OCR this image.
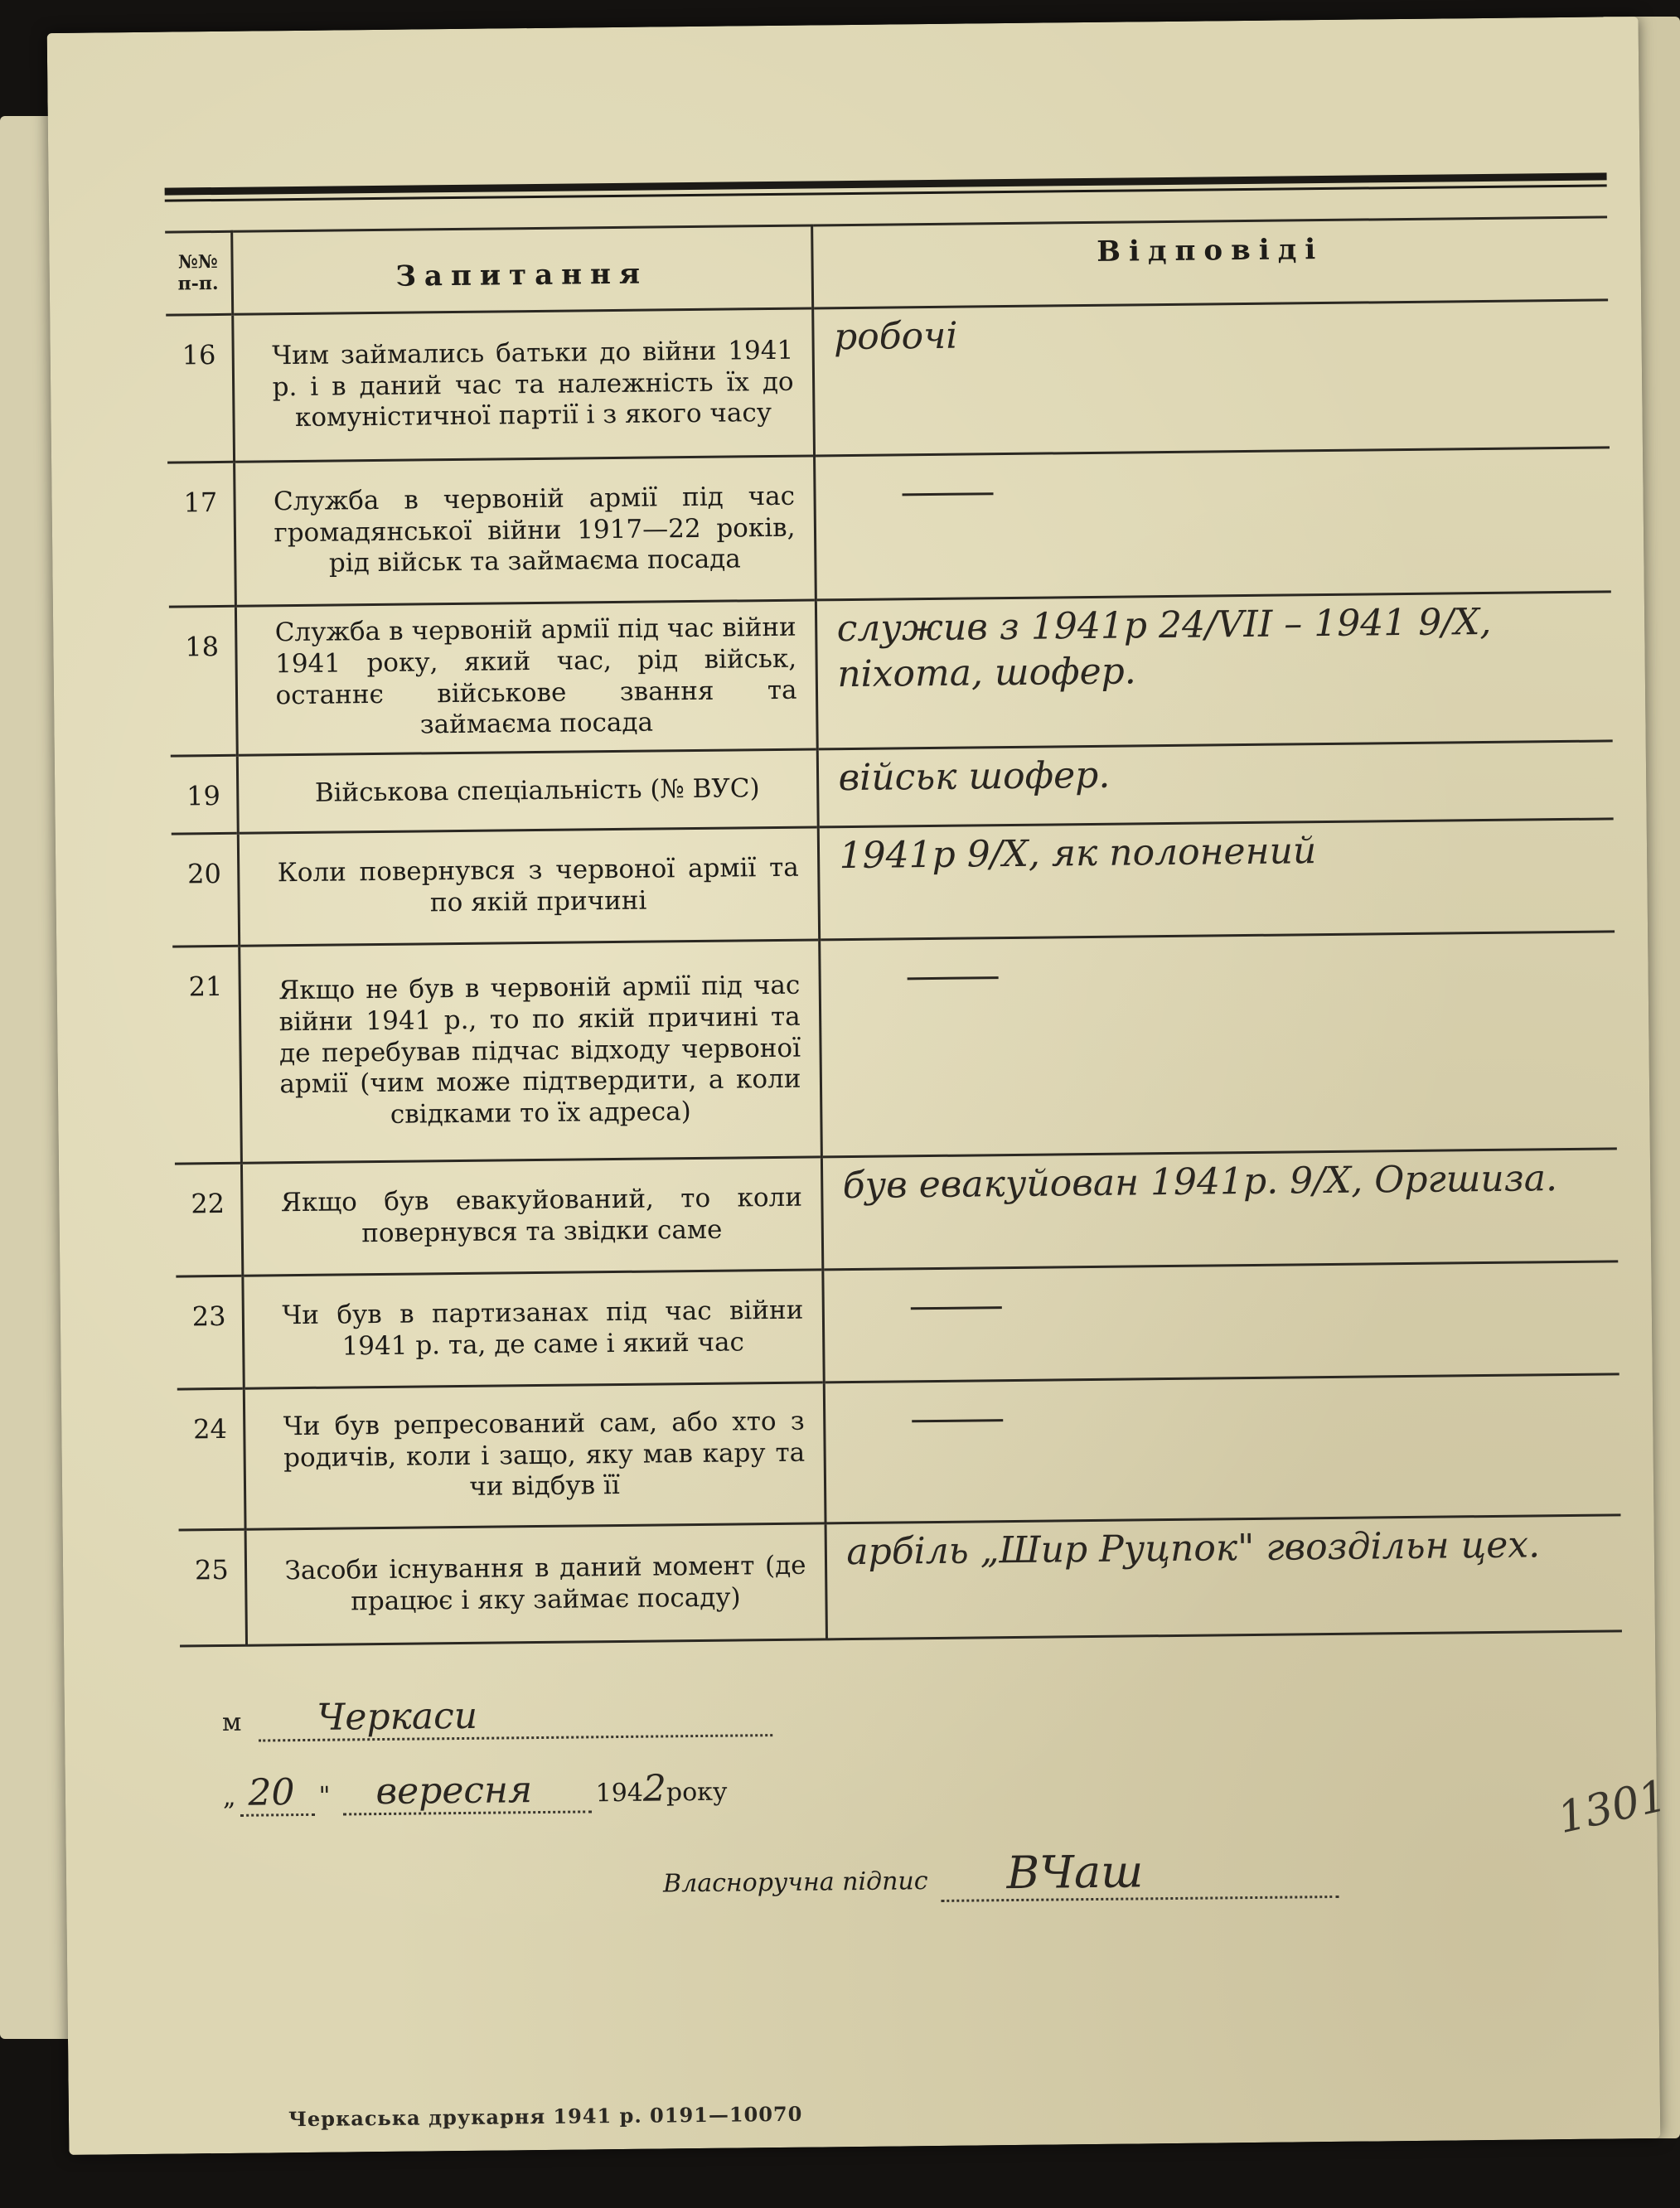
№№ п-п.	Запитання	Відповіді
16	Чим займались батьки до війни 1941 р. і в даний час та належність їх до комуністичної партії і з якого часу	робочі
17	Служба в червоній армії під час громадянської війни 1917—22 років, рід військ та займаєма посада	
18	Служба в червоній армії під час війни 1941 року, який час, рід військ, останнє військове звання та займаєма посада	служив з 1941р 24/VII – 1941 9/X, піхота, шофер.
19	Військова спеціальність (№ ВУС)	військ шофер.
20	Коли повернувся з червоної армії та по якій причині	1941р 9/X, як полонений
21	Якщо не був в червоній армії під час війни 1941 р., то по якій причині та де перебував підчас відходу червоної армії (чим може підтвердити, а коли свідками то їх адреса)	
22	Якщо був евакуйований, то коли повернувся та звідки саме	був евакуйован 1941р. 9/X, Оргшиза.
23	Чи був в партизанах під час війни 1941 р. та, де саме і який час	
24	Чи був репресований сам, або хто з родичів, коли і защо, яку мав кару та чи відбув її	
25	Засоби існування в даний момент (де працює і яку займає посаду)	арбіль „Шир Руцпок" гвоздільн цех.
м Черкаси
„ 20 " вересня	1942року
Власноручна підпис ВЧаш
Черкаська друкарня 1941 р. 0191—10070
1301
